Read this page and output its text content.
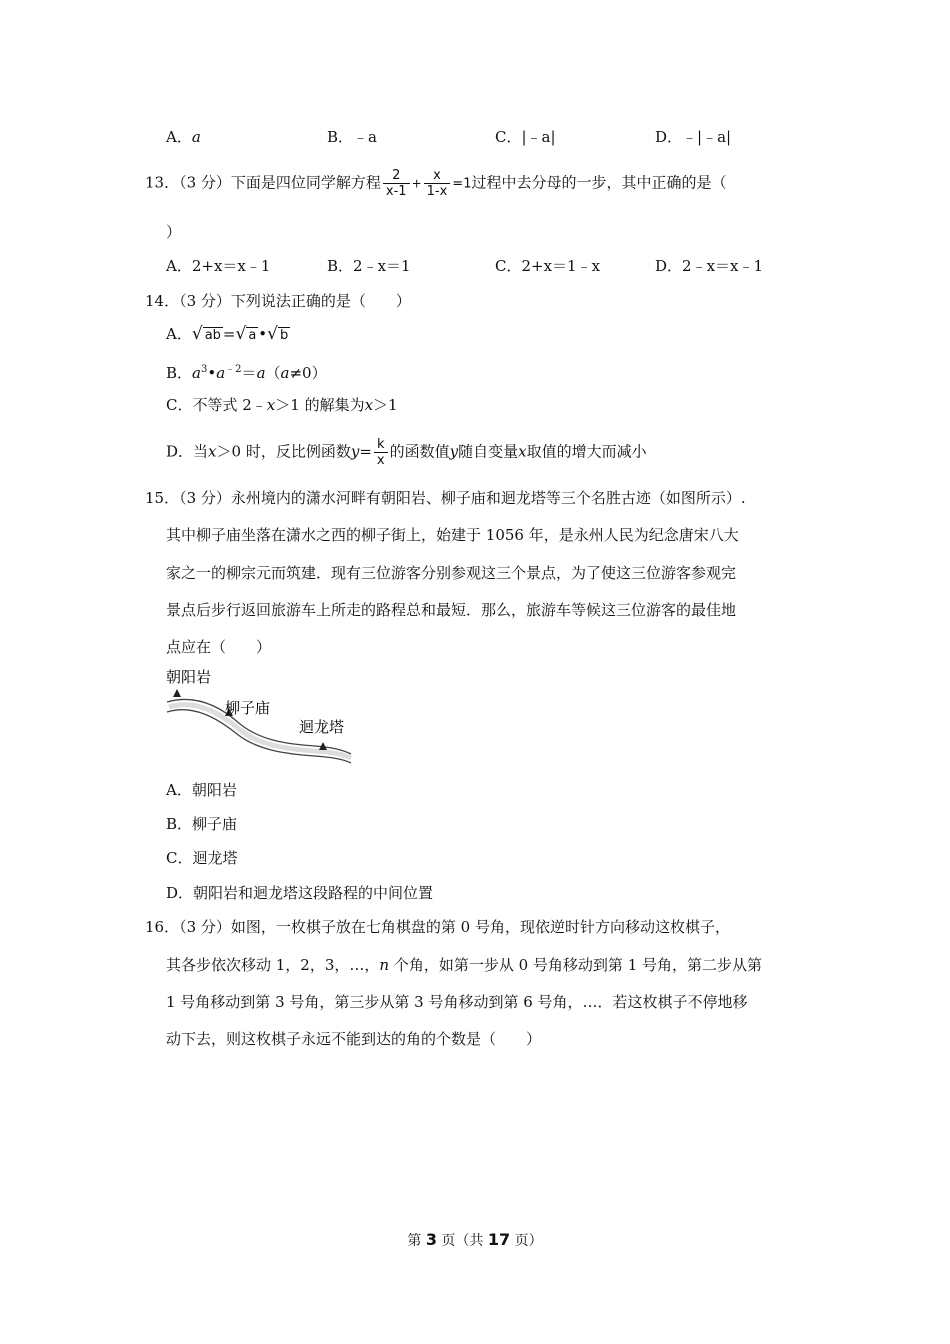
A．a	B．﹣a	C．|﹣a|	D．﹣|﹣a|
13．（3 分）下面是四位同学解方程 $\frac{2}{x-1} + \frac{x}{1-x} =1$过程中去分母的一步，其中正确的是（
）
A．2+x＝x﹣1	B．2﹣x＝1	C．2+x＝1﹣x	D．2﹣x＝x﹣1
14．（3 分）下列说法正确的是（　　）
A．√ ab =√ a •√ b
B．$a^3•a^{﹣2}=a(a\ne 0)$
C．不等式 2﹣x＞1 的解集为x＞1
D．当x＞0 时，反比例函数$y= \frac{k}{x}$ 的函数值y随自变量x取值的增大而减小
15．（3 分）永州境内的潇水河畔有朝阳岩、柳子庙和迴龙塔等三个名胜古迹（如图所示）.
其中柳子庙坐落在潇水之西的柳子街上，始建于 1056 年，是永州人民为纪念唐宋八大
家之一的柳宗元而筑建．现有三位游客分别参观这三个景点，为了使这三位游客参观完
景点后步行返回旅游车上所走的路程总和最短．那么，旅游车等候这三位游客的最佳地
点应在（　　）
朝阳岩
柳子庙
迴龙塔
A．朝阳岩
B．柳子庙
C．迴龙塔
D．朝阳岩和迴龙塔这段路程的中间位置
16．（3 分）如图，一枚棋子放在七角棋盘的第 0 号角，现依逆时针方向移动这枚棋子，
其各步依次移动 1，2，3，…，n 个角，如第一步从 0 号角移动到第 1 号角，第二步从第
1 号角移动到第 3 号角，第三步从第 3 号角移动到第 6 号角，…．若这枚棋子不停地移
动下去，则这枚棋子永远不能到达的角的个数是（　　）
第 3 页（共 17 页）
